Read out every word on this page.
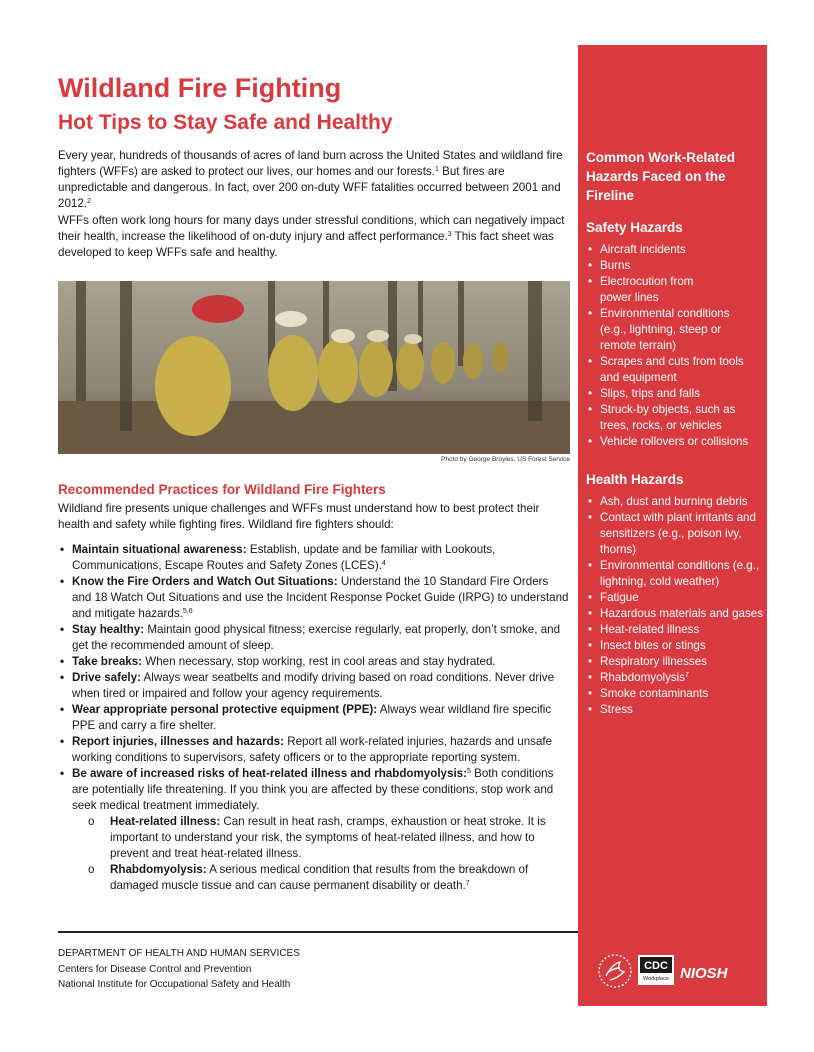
Wildland Fire Fighting
Hot Tips to Stay Safe and Healthy

Every year, hundreds of thousands of acres of land burn across the United States and wildland fire fighters (WFFs) are asked to protect our lives, our homes and our forests.$^1$ But fires are unpredictable and dangerous. In fact, over 200 on-duty WFF fatalities occurred between 2001 and 2012.$^2$

WFFs often work long hours for many days under stressful conditions, which can negatively impact their health, increase the likelihood of on-duty injury and affect performance.$^3$ This fact sheet was developed to keep WFFs safe and healthy.

Photo by George Broyles, US Forest Service
Recommended Practices for Wildland Fire Fighters

Wildland fire presents unique challenges and WFFs must understand how to best protect their health and safety while fighting fires. Wildland fire fighters should:

• Maintain situational awareness: Establish, update and be familiar with Lookouts, Communications, Escape Routes and Safety Zones (LCES).$^4$
• Know the Fire Orders and Watch Out Situations: Understand the 10 Standard Fire Orders and 18 Watch Out Situations and use the Incident Response Pocket Guide (IRPG) to understand and mitigate hazards.$^{5,6}$
• Stay healthy: Maintain good physical fitness; exercise regularly, eat properly, don’t smoke, and get the recommended amount of sleep.
• Take breaks: When necessary, stop working, rest in cool areas and stay hydrated.
• Drive safely: Always wear seatbelts and modify driving based on road conditions. Never drive when tired or impaired and follow your agency requirements.
• Wear appropriate personal protective equipment (PPE): Always wear wildland fire specific PPE and carry a fire shelter.
• Report injuries, illnesses and hazards: Report all work-related injuries, hazards and unsafe working conditions to supervisors, safety officers or to the appropriate reporting system.
• Be aware of increased risks of heat-related illness and rhabdomyolysis:$^5$ Both conditions are potentially life threatening. If you think you are affected by these conditions, stop work and seek medical treatment immediately.
o Heat-related illness: Can result in heat rash, cramps, exhaustion or heat stroke. It is important to understand your risk, the symptoms of heat-related illness, and how to prevent and treat heat-related illness.
o Rhabdomyolysis: A serious medical condition that results from the breakdown of damaged muscle tissue and can cause permanent disability or death.$^7$
Common Work-Related Hazards Faced on the Fireline
Safety Hazards
• Aircraft incidents
• Burns
• Electrocution from power lines
• Environmental conditions (e.g., lightning, steep or remote terrain)
• Scrapes and cuts from tools and equipment
• Slips, trips and falls
• Struck-by objects, such as trees, rocks, or vehicles
• Vehicle rollovers or collisions
Health Hazards
• Ash, dust and burning debris
• Contact with plant irritants and sensitizers (e.g., poison ivy, thorns)
• Environmental conditions (e.g., lightning, cold weather)
• Fatigue
• Hazardous materials and gases
• Heat-related illness
• Insect bites or stings
• Respiratory illnesses
• Rhabdomyolysis$^7$
• Smoke contaminants
• Stress
DEPARTMENT OF HEALTH AND HUMAN SERVICES
Centers for Disease Control and Prevention
National Institute for Occupational Safety and Health
CDC
Workplace NIOSH
